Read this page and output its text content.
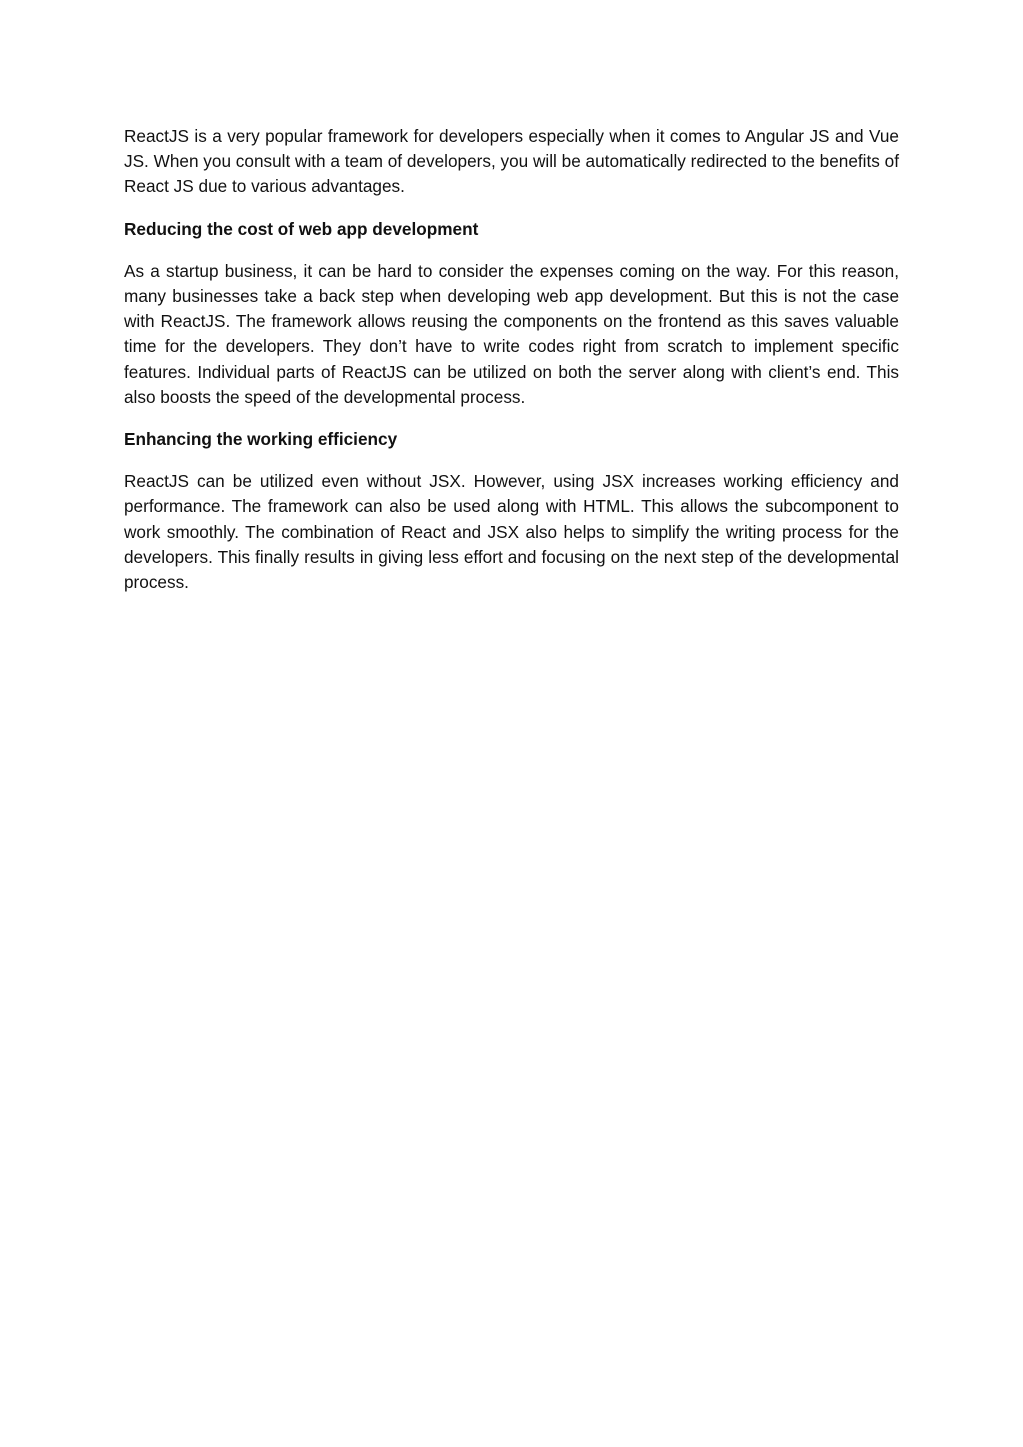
ReactJS is a very popular framework for developers especially when it comes to Angular JS and Vue JS. When you consult with a team of developers, you will be automatically redirected to the benefits of React JS due to various advantages.

Reducing the cost of web app development

As a startup business, it can be hard to consider the expenses coming on the way. For this reason, many businesses take a back step when developing web app development. But this is not the case with ReactJS. The framework allows reusing the components on the frontend as this saves valuable time for the developers. They don’t have to write codes right from scratch to implement specific features. Individual parts of ReactJS can be utilized on both the server along with client’s end. This also boosts the speed of the developmental process.

Enhancing the working efficiency

ReactJS can be utilized even without JSX. However, using JSX increases working efficiency and performance. The framework can also be used along with HTML. This allows the subcomponent to work smoothly. The combination of React and JSX also helps to simplify the writing process for the developers. This finally results in giving less effort and focusing on the next step of the developmental process.
